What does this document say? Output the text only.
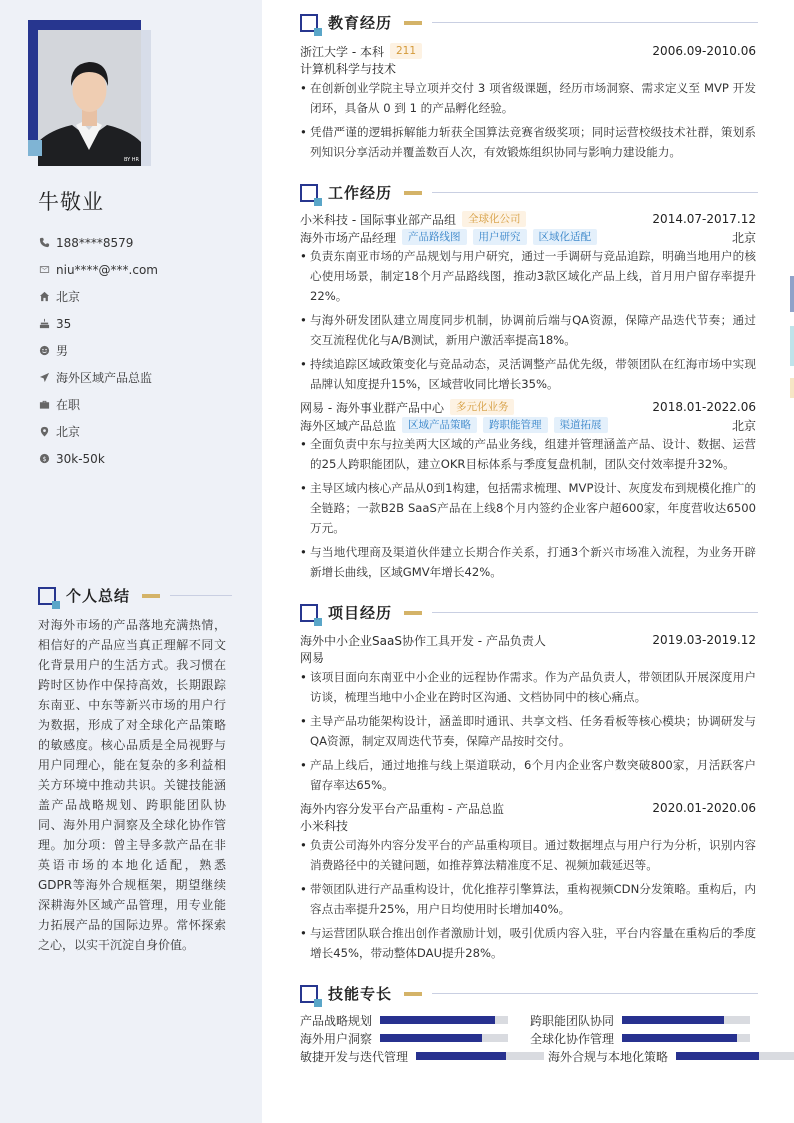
BY HR
牛敬业
188****8579
niu****@***.com
北京
35
男
海外区域产品总监
在职
北京
$ 30k-50k
个人总结
对海外市场的产品落地充满热情，相信好的产品应当真正理解不同文化背景用户的生活方式。我习惯在跨时区协作中保持高效，长期跟踪东南亚、中东等新兴市场的用户行为数据，形成了对全球化产品策略的敏感度。核心品质是全局视野与用户同理心，能在复杂的多利益相关方环境中推动共识。关键技能涵盖产品战略规划、跨职能团队协同、海外用户洞察及全球化协作管理。加分项：曾主导多款产品在非英语市场的本地化适配，熟悉GDPR等海外合规框架，期望继续深耕海外区域产品管理，用专业能力拓展产品的国际边界。常怀探索之心，以实干沉淀自身价值。
教育经历
浙江大学 - 本科	211	2006.09-2010.06
计算机科学与技术
• 在创新创业学院主导立项并交付 3 项省级课题，经历市场洞察、需求定义至 MVP 开发闭环，具备从 0 到 1 的产品孵化经验。
• 凭借严谨的逻辑拆解能力斩获全国算法竞赛省级奖项；同时运营校级技术社群，策划系列知识分享活动并覆盖数百人次，有效锻炼组织协同与影响力建设能力。
工作经历
小米科技 - 国际事业部产品组	全球化公司	2014.07-2017.12
海外市场产品经理	产品路线图	用户研究	区域化适配	北京
• 负责东南亚市场的产品规划与用户研究，通过一手调研与竞品追踪，明确当地用户的核心使用场景，制定18个月产品路线图，推动3款区域化产品上线，首月用户留存率提升22%。
• 与海外研发团队建立周度同步机制，协调前后端与QA资源，保障产品迭代节奏；通过交互流程优化与A/B测试，新用户激活率提高18%。
• 持续追踪区域政策变化与竞品动态，灵活调整产品优先级，带领团队在红海市场中实现品牌认知度提升15%，区域营收同比增长35%。
网易 - 海外事业群产品中心	多元化业务	2018.01-2022.06
海外区域产品总监	区域产品策略	跨职能管理	渠道拓展	北京
• 全面负责中东与拉美两大区域的产品业务线，组建并管理涵盖产品、设计、数据、运营的25人跨职能团队，建立OKR目标体系与季度复盘机制，团队交付效率提升32%。
• 主导区域内核心产品从0到1构建，包括需求梳理、MVP设计、灰度发布到规模化推广的全链路；一款B2B SaaS产品在上线8个月内签约企业客户超600家，年度营收达6500万元。
• 与当地代理商及渠道伙伴建立长期合作关系，打通3个新兴市场准入流程，为业务开辟新增长曲线，区域GMV年增长42%。
项目经历
海外中小企业SaaS协作工具开发 - 产品负责人	2019.03-2019.12
网易
• 该项目面向东南亚中小企业的远程协作需求。作为产品负责人，带领团队开展深度用户访谈，梳理当地中小企业在跨时区沟通、文档协同中的核心痛点。
• 主导产品功能架构设计，涵盖即时通讯、共享文档、任务看板等核心模块；协调研发与QA资源，制定双周迭代节奏，保障产品按时交付。
• 产品上线后，通过地推与线上渠道联动，6个月内企业客户数突破800家，月活跃客户留存率达65%。
海外内容分发平台产品重构 - 产品总监	2020.01-2020.06
小米科技
• 负责公司海外内容分发平台的产品重构项目。通过数据埋点与用户行为分析，识别内容消费路径中的关键问题，如推荐算法精准度不足、视频加载延迟等。
• 带领团队进行产品重构设计，优化推荐引擎算法，重构视频CDN分发策略。重构后，内容点击率提升25%，用户日均使用时长增加40%。
• 与运营团队联合推出创作者激励计划，吸引优质内容入驻，平台内容量在重构后的季度增长45%，带动整体DAU提升28%。
技能专长
产品战略规划	跨职能团队协同
海外用户洞察	全球化协作管理
敏捷开发与迭代管理	海外合规与本地化策略
